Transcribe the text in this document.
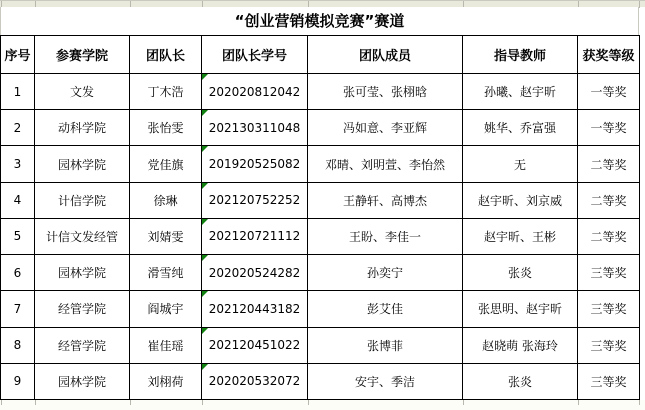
“创业营销模拟竞赛”赛道
序号	参赛学院	团队长	团队长学号	团队成员	指导教师	获奖等级
1	文发	丁木浩	202020812042	张可莹、张栩晗	孙曦、赵宇昕	一等奖
2	动科学院	张怡雯	202130311048	冯如意、李亚辉	姚华、乔富强	一等奖
3	园林学院	党佳旗	201920525082	邓晴、刘明萱、李怡然	无	二等奖
4	计信学院	徐琳	202120752252	王静轩、高博杰	赵宇昕、刘京威	二等奖
5	计信文发经管	刘婧雯	202120721112	王盼、李佳一	赵宇昕、王彬	二等奖
6	园林学院	滑雪纯	202020524282	孙奕宁	张炎	三等奖
7	经管学院	阎城宇	202120443182	彭艾佳	张思明、赵宇昕	三等奖
8	经管学院	崔佳瑶	202120451022	张博菲	赵晓萌 张海玲	三等奖
9	园林学院	刘栩荷	202020532072	安宇、季洁	张炎	三等奖
